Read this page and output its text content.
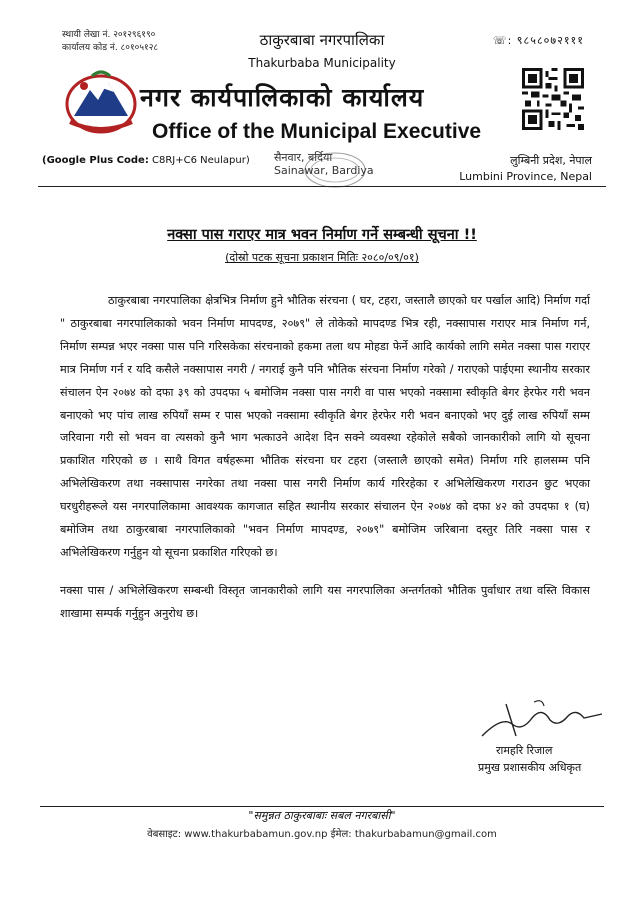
स्थायी लेखा नं. २०१२९६१९०
कार्यालय कोड नं. ८०१०५१२८	ठाकुरबाबा नगरपालिका
Thakurbaba Municipality
☏: ९८५८०७२१११
नगर कार्यपालिकाको कार्यालय
Office of the Municipal Executive
(Google Plus Code: C8RJ+C6 Neulapur) सैनवार, बर्दिया
Sainawar, Bardiya
लुम्बिनी प्रदेश, नेपाल
Lumbini Province, Nepal
नक्सा पास गराएर मात्र भवन निर्माण गर्ने सम्बन्धी सूचना !!
(दोस्रो पटक सूचना प्रकाशन मितिः २०८०/०९/०१)

ठाकुरबाबा नगरपालिका क्षेत्रभित्र निर्माण हुने भौतिक संरचना ( घर, टहरा, जस्तालै छाएको घर पर्खाल आदि) निर्माण गर्दा " ठाकुरबाबा नगरपालिकाको भवन निर्माण मापदण्ड, २०७९" ले तोकेको मापदण्ड भित्र रही, नक्सापास गराएर मात्र निर्माण गर्न, निर्माण सम्पन्न भएर नक्सा पास पनि गरिसकेका संरचनाको हकमा तला थप मोहडा फेर्ने आदि कार्यको लागि समेत नक्सा पास गराएर मात्र निर्माण गर्न र यदि कसैले नक्सापास नगरी / नगराई कुनै पनि भौतिक संरचना निर्माण गरेको / गराएको पाईएमा स्थानीय सरकार संचालन ऐन २०७४ को दफा ३९ को उपदफा ५ बमोजिम नक्सा पास नगरी वा पास भएको नक्सामा स्वीकृति बेगर हेरफेर गरी भवन बनाएको भए पांच लाख रुपियाँ सम्म र पास भएको नक्सामा स्वीकृति बेगर हेरफेर गरी भवन बनाएको भए दुई लाख रुपियाँ सम्म जरिवाना गरी सो भवन वा त्यसको कुनै भाग भत्काउने आदेश दिन सक्ने व्यवस्था रहेकोले सबैको जानकारीको लागि यो सूचना प्रकाशित गरिएको छ । साथै विगत वर्षहरूमा भौतिक संरचना घर टहरा (जस्तालै छाएको समेत) निर्माण गरि हालसम्म पनि अभिलेखिकरण तथा नक्सापास नगरेका तथा नक्सा पास नगरी निर्माण कार्य गरिरहेका र अभिलेखिकरण गराउन छुट भएका घरधुरीहरूले यस नगरपालिकामा आवश्यक कागजात सहित स्थानीय सरकार संचालन ऐन २०७४ को दफा ४२ को उपदफा १ (घ) बमोजिम तथा ठाकुरबाबा नगरपालिकाको "भवन निर्माण मापदण्ड, २०७९" बमोजिम जरिबाना दस्तुर तिरि नक्सा पास र अभिलेखिकरण गर्नुहुन यो सूचना प्रकाशित गरिएको छ।

नक्सा पास / अभिलेखिकरण सम्बन्धी विस्तृत जानकारीको लागि यस नगरपालिका अन्तर्गतको भौतिक पुर्वाधार तथा वस्ति विकास शाखामा सम्पर्क गर्नुहुन अनुरोध छ।

रामहरि रिजाल
प्रमुख प्रशासकीय अधिकृत
"समुन्नत ठाकुरबाबाः सबल नगरबासी"
वेबसाइट: www.thakurbabamun.gov.np ईमेल: thakurbabamun@gmail.com
